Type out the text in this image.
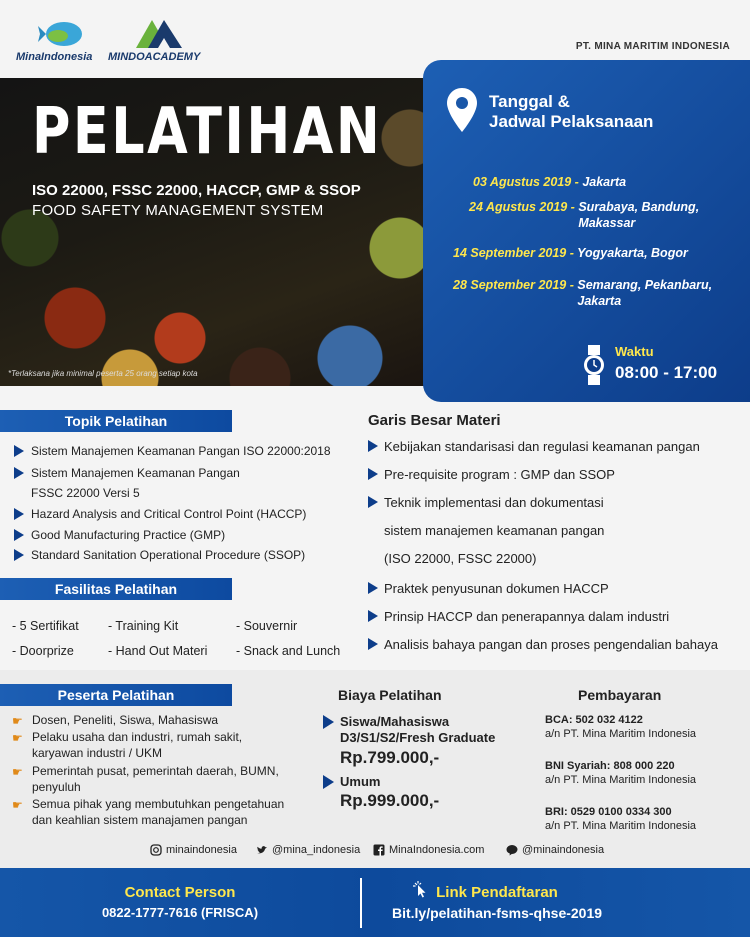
MinaIndonesia MINDOACADEMY
PT. MINA MARITIM INDONESIA
PELATIHAN
ISO 22000, FSSC 22000, HACCP, GMP & SSOP
FOOD SAFETY MANAGEMENT SYSTEM
*Terlaksana jika minimal peserta 25 orang setiap kota
Tanggal &
Jadwal Pelaksanaan
03 Agustus 2019 - Jakarta
24 Agustus 2019 - Surabaya, Bandung,
Makassar
14 September 2019 - Yogyakarta, Bogor
28 September 2019 - Semarang, Pekanbaru,
Jakarta
Waktu
08:00 - 17:00
Topik Pelatihan
Sistem Manajemen Keamanan Pangan ISO 22000:2018
Sistem Manajemen Keamanan Pangan
FSSC 22000 Versi 5
Hazard Analysis and Critical Control Point (HACCP)
Good Manufacturing Practice (GMP)
Standard Sanitation Operational Procedure (SSOP)
Fasilitas Pelatihan
- 5 Sertifikat - Training Kit	- Souvernir
- Doorprize	- Hand Out Materi - Snack and Lunch
Garis Besar Materi
Kebijakan standarisasi dan regulasi keamanan pangan
Pre-requisite program : GMP dan SSOP
Teknik implementasi dan dokumentasi
sistem manajemen keamanan pangan
(ISO 22000, FSSC 22000)
Praktek penyusunan dokumen HACCP
Prinsip HACCP dan penerapannya dalam industri
Analisis bahaya pangan dan proses pengendalian bahaya
Peserta Pelatihan
☛ Dosen, Peneliti, Siswa, Mahasiswa
☛ Pelaku usaha dan industri, rumah sakit,
karyawan industri / UKM
☛ Pemerintah pusat, pemerintah daerah, BUMN,
penyuluh
☛ Semua pihak yang membutuhkan pengetahuan
dan keahlian sistem manajamen pangan
Biaya Pelatihan
Siswa/Mahasiswa
D3/S1/S2/Fresh Graduate
Rp.799.000,-
Umum
Rp.999.000,-
Pembayaran
BCA: 502 032 4122
a/n PT. Mina Maritim Indonesia
BNI Syariah: 808 000 220
a/n PT. Mina Maritim Indonesia
BRI: 0529 0100 0334 300
a/n PT. Mina Maritim Indonesia
minaindonesia	@mina_indonesia	MinaIndonesia.com	@minaindonesia
Contact Person
0822-1777-7616 (FRISCA)
Link Pendaftaran
Bit.ly/pelatihan-fsms-qhse-2019
